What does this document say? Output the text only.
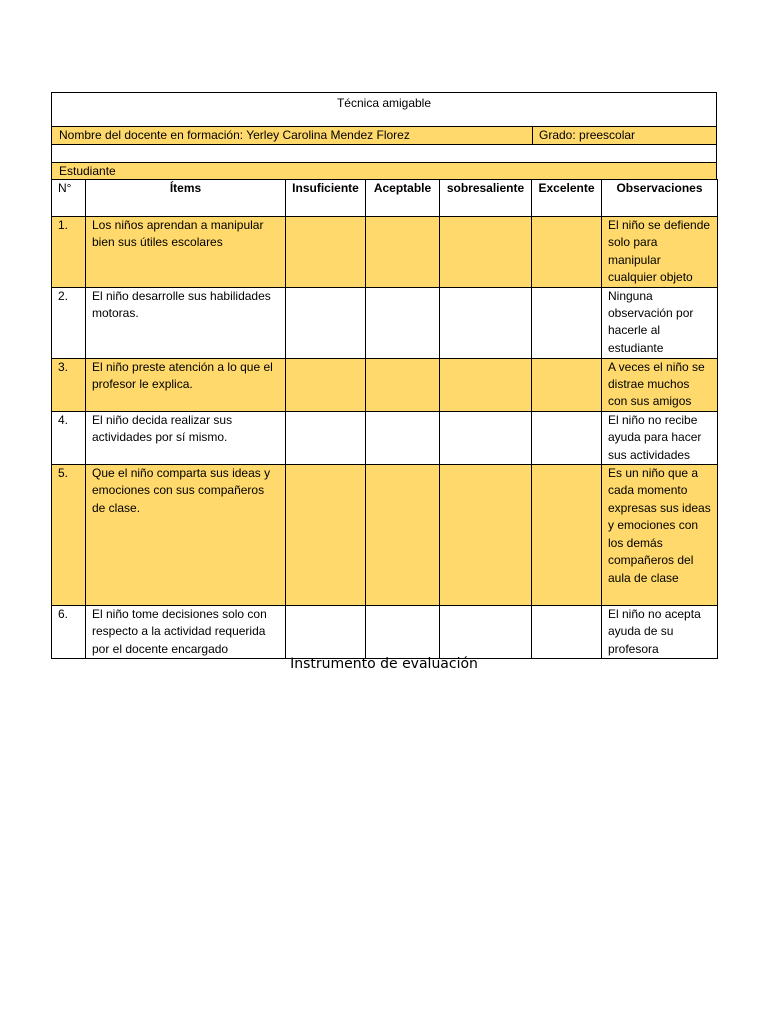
Técnica amigable
Nombre del docente en formación: Yerley Carolina Mendez Florez	Grado: preescolar
Estudiante
N°	Ítems	Insuficiente	Aceptable	sobresaliente	Excelente	Observaciones
1.	Los niños aprendan a manipular bien sus útiles escolares					El niño se defiende solo para manipular cualquier objeto
2.	El niño desarrolle sus habilidades motoras.					Ninguna observación por hacerle al estudiante
3.	El niño preste atención a lo que el profesor le explica.					A veces el niño se distrae muchos con sus amigos
4.	El niño decida realizar sus actividades por sí mismo.					El niño no recibe ayuda para hacer sus actividades
5.	Que el niño comparta sus ideas y emociones con sus compañeros de clase.					Es un niño que a cada momento expresas sus ideas y emociones con los demás compañeros del aula de clase
6.	El niño tome decisiones solo con respecto a la actividad requerida por el docente encargado					El niño no acepta ayuda de su profesora
Instrumento de evaluación
